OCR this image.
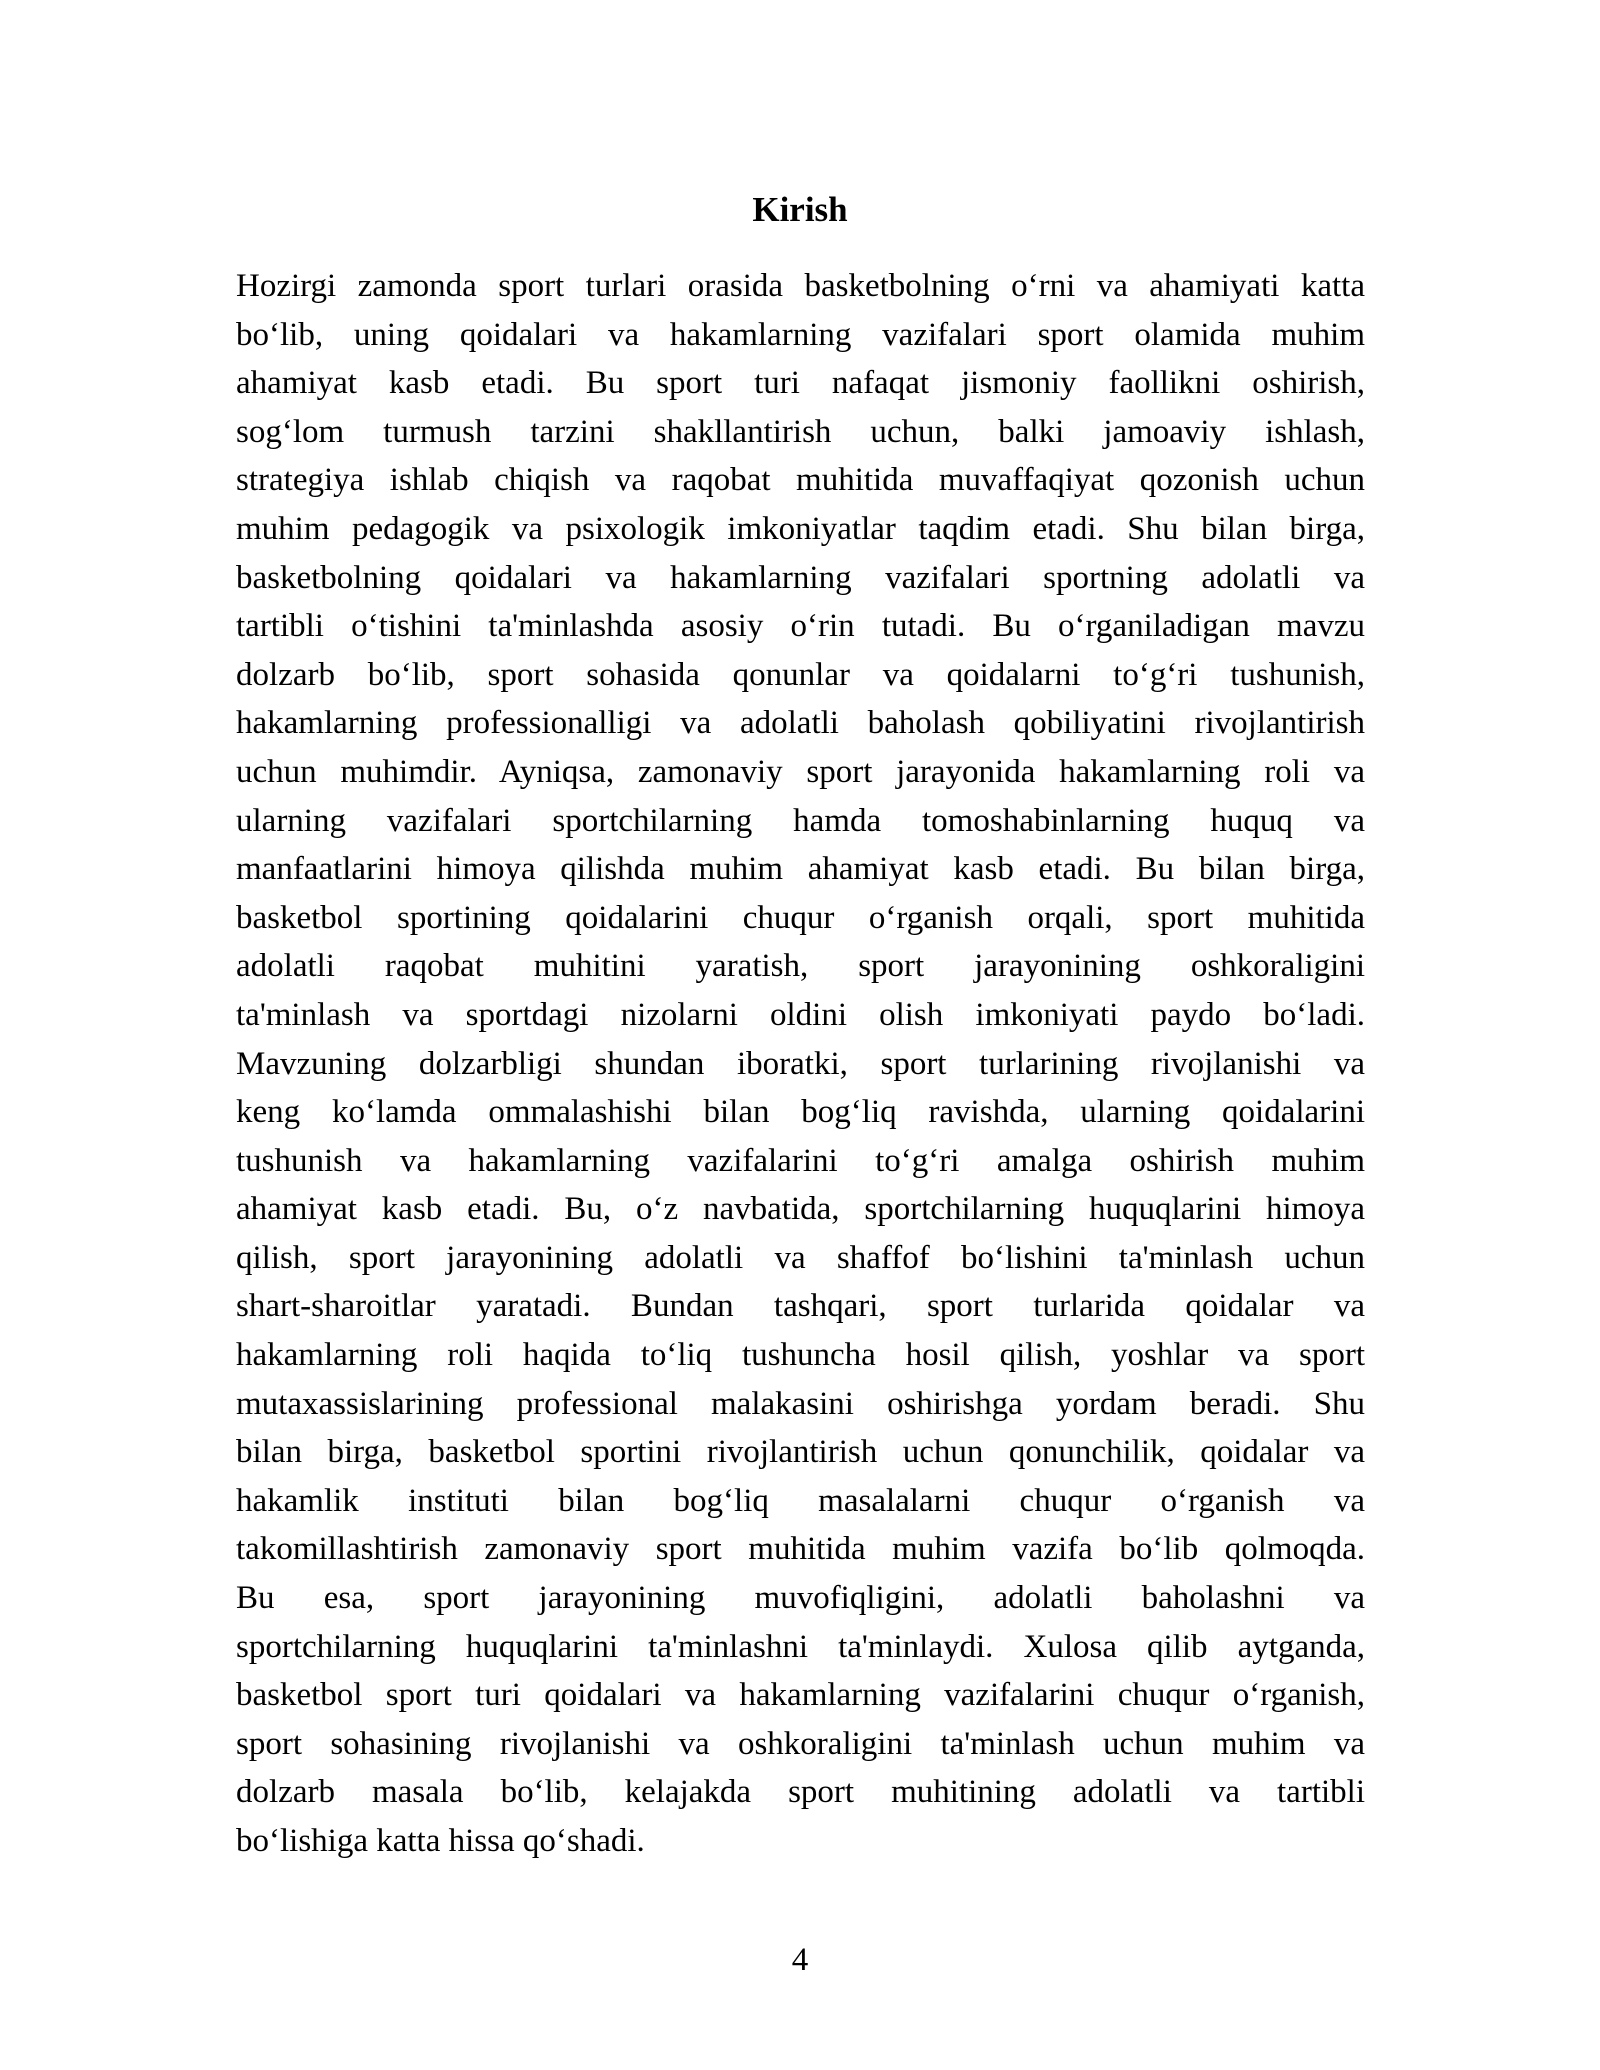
Kirish
Hozirgi zamonda sport turlari orasida basketbolning o‘rni va ahamiyati katta
bo‘lib, uning qoidalari va hakamlarning vazifalari sport olamida muhim
ahamiyat kasb etadi. Bu sport turi nafaqat jismoniy faollikni oshirish,
sog‘lom turmush tarzini shakllantirish uchun, balki jamoaviy ishlash,
strategiya ishlab chiqish va raqobat muhitida muvaffaqiyat qozonish uchun
muhim pedagogik va psixologik imkoniyatlar taqdim etadi. Shu bilan birga,
basketbolning qoidalari va hakamlarning vazifalari sportning adolatli va
tartibli o‘tishini ta'minlashda asosiy o‘rin tutadi. Bu o‘rganiladigan mavzu
dolzarb bo‘lib, sport sohasida qonunlar va qoidalarni to‘g‘ri tushunish,
hakamlarning professionalligi va adolatli baholash qobiliyatini rivojlantirish
uchun muhimdir. Ayniqsa, zamonaviy sport jarayonida hakamlarning roli va
ularning vazifalari sportchilarning hamda tomoshabinlarning huquq va
manfaatlarini himoya qilishda muhim ahamiyat kasb etadi. Bu bilan birga,
basketbol sportining qoidalarini chuqur o‘rganish orqali, sport muhitida
adolatli raqobat muhitini yaratish, sport jarayonining oshkoraligini
ta'minlash va sportdagi nizolarni oldini olish imkoniyati paydo bo‘ladi.
Mavzuning dolzarbligi shundan iboratki, sport turlarining rivojlanishi va
keng ko‘lamda ommalashishi bilan bog‘liq ravishda, ularning qoidalarini
tushunish va hakamlarning vazifalarini to‘g‘ri amalga oshirish muhim
ahamiyat kasb etadi. Bu, o‘z navbatida, sportchilarning huquqlarini himoya
qilish, sport jarayonining adolatli va shaffof bo‘lishini ta'minlash uchun
shart-sharoitlar yaratadi. Bundan tashqari, sport turlarida qoidalar va
hakamlarning roli haqida to‘liq tushuncha hosil qilish, yoshlar va sport
mutaxassislarining professional malakasini oshirishga yordam beradi. Shu
bilan birga, basketbol sportini rivojlantirish uchun qonunchilik, qoidalar va
hakamlik instituti bilan bog‘liq masalalarni chuqur o‘rganish va
takomillashtirish zamonaviy sport muhitida muhim vazifa bo‘lib qolmoqda.
Bu esa, sport jarayonining muvofiqligini, adolatli baholashni va
sportchilarning huquqlarini ta'minlashni ta'minlaydi. Xulosa qilib aytganda,
basketbol sport turi qoidalari va hakamlarning vazifalarini chuqur o‘rganish,
sport sohasining rivojlanishi va oshkoraligini ta'minlash uchun muhim va
dolzarb masala bo‘lib, kelajakda sport muhitining adolatli va tartibli
bo‘lishiga katta hissa qo‘shadi.
4
